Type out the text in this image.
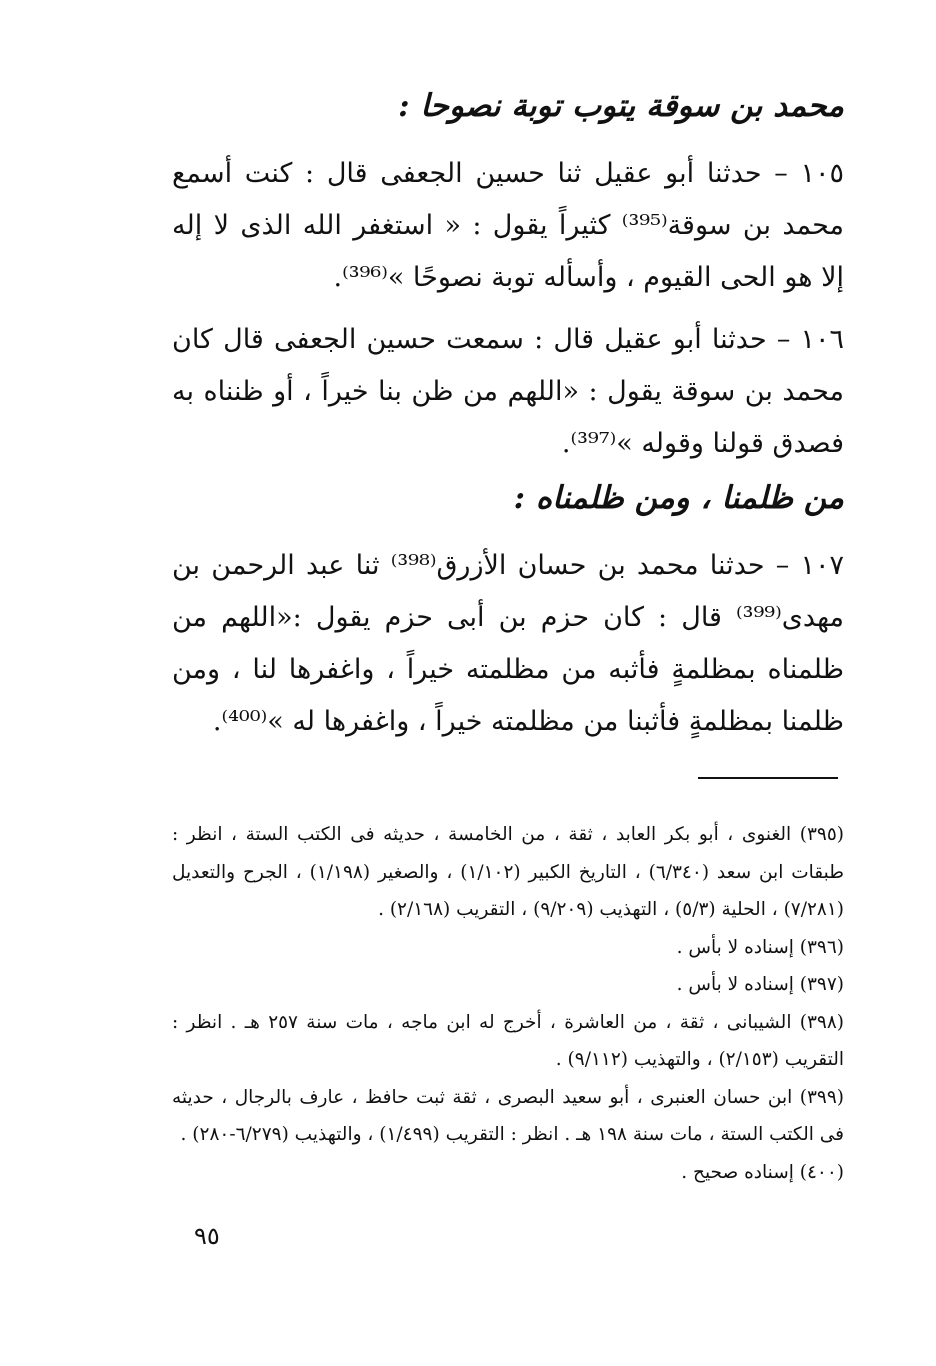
محمد بن سوقة يتوب توبة نصوحا :

١٠٥ – حدثنا أبو عقيل ثنا حسين الجعفى قال : كنت أسمع محمد بن سوقة⁽³⁹⁵⁾ كثيراً يقول : « استغفر الله الذى لا إله إلا هو الحى القيوم ، وأسأله توبة نصوحًا »⁽³⁹⁶⁾.

١٠٦ – حدثنا أبو عقيل قال : سمعت حسين الجعفى قال كان محمد بن سوقة يقول : «اللهم من ظن بنا خيراً ، أو ظنناه به فصدق قولنا وقوله »⁽³⁹⁷⁾.

من ظلمنا ، ومن ظلمناه :

١٠٧ – حدثنا محمد بن حسان الأزرق⁽³⁹⁸⁾ ثنا عبد الرحمن بن مهدى⁽³⁹⁹⁾ قال : كان حزم بن أبى حزم يقول :«اللهم من ظلمناه بمظلمةٍ فأثبه من مظلمته خيراً ، واغفرها لنا ، ومن ظلمنا بمظلمةٍ فأثبنا من مظلمته خيراً ، واغفرها له »⁽⁴⁰⁰⁾.

(٣٩٥) الغنوى ، أبو بكر العابد ، ثقة ، من الخامسة ، حديثه فى الكتب الستة ، انظر : طبقات ابن سعد (٦/٣٤٠) ، التاريخ الكبير (١/١٠٢) ، والصغير (١/١٩٨) ، الجرح والتعديل (٧/٢٨١) ، الحلية (٥/٣) ، التهذيب (٩/٢٠٩) ، التقريب (٢/١٦٨) .

(٣٩٦) إسناده لا بأس .

(٣٩٧) إسناده لا بأس .

(٣٩٨) الشيبانى ، ثقة ، من العاشرة ، أخرج له ابن ماجه ، مات سنة ٢٥٧ هـ . انظر : التقريب (٢/١٥٣) ، والتهذيب (٩/١١٢) .

(٣٩٩) ابن حسان العنبرى ، أبو سعيد البصرى ، ثقة ثبت حافظ ، عارف بالرجال ، حديثه فى الكتب الستة ، مات سنة ١٩٨ هـ . انظر : التقريب (١/٤٩٩) ، والتهذيب (٦/٢٧٩-٢٨٠) .

(٤٠٠) إسناده صحيح .

٩٥
